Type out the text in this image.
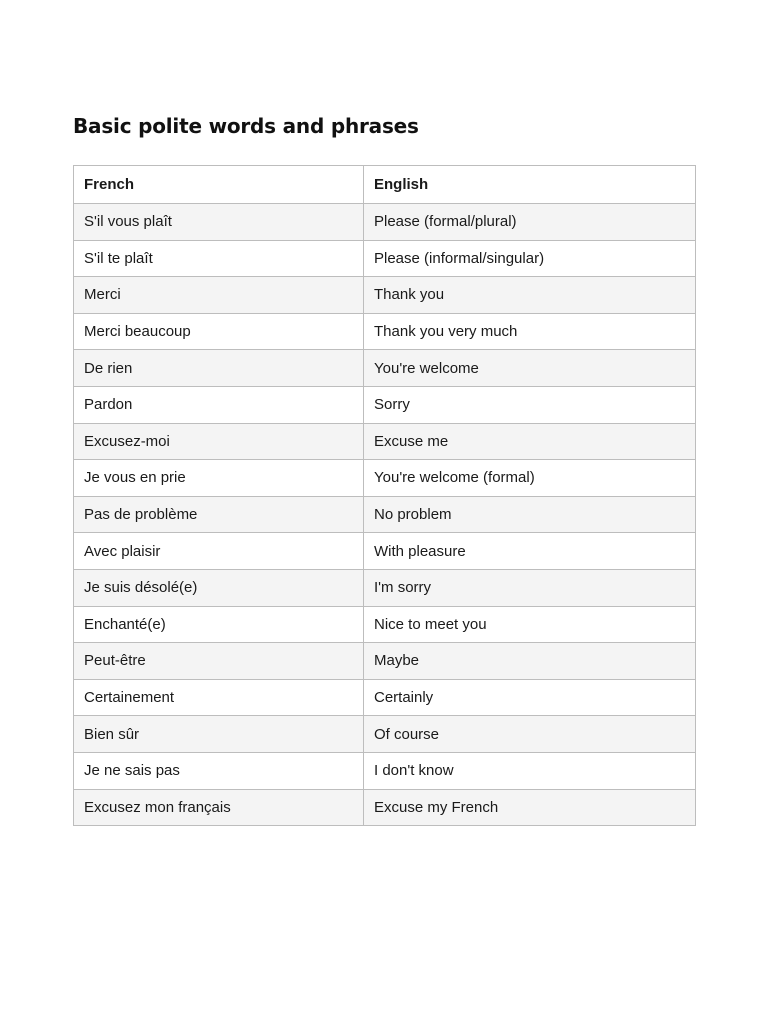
Basic polite words and phrases
French	English
S'il vous plaît	Please (formal/plural)
S'il te plaît	Please (informal/singular)
Merci	Thank you
Merci beaucoup	Thank you very much
De rien	You're welcome
Pardon	Sorry
Excusez-moi	Excuse me
Je vous en prie	You're welcome (formal)
Pas de problème	No problem
Avec plaisir	With pleasure
Je suis désolé(e)	I'm sorry
Enchanté(e)	Nice to meet you
Peut-être	Maybe
Certainement	Certainly
Bien sûr	Of course
Je ne sais pas	I don't know
Excusez mon français	Excuse my French
